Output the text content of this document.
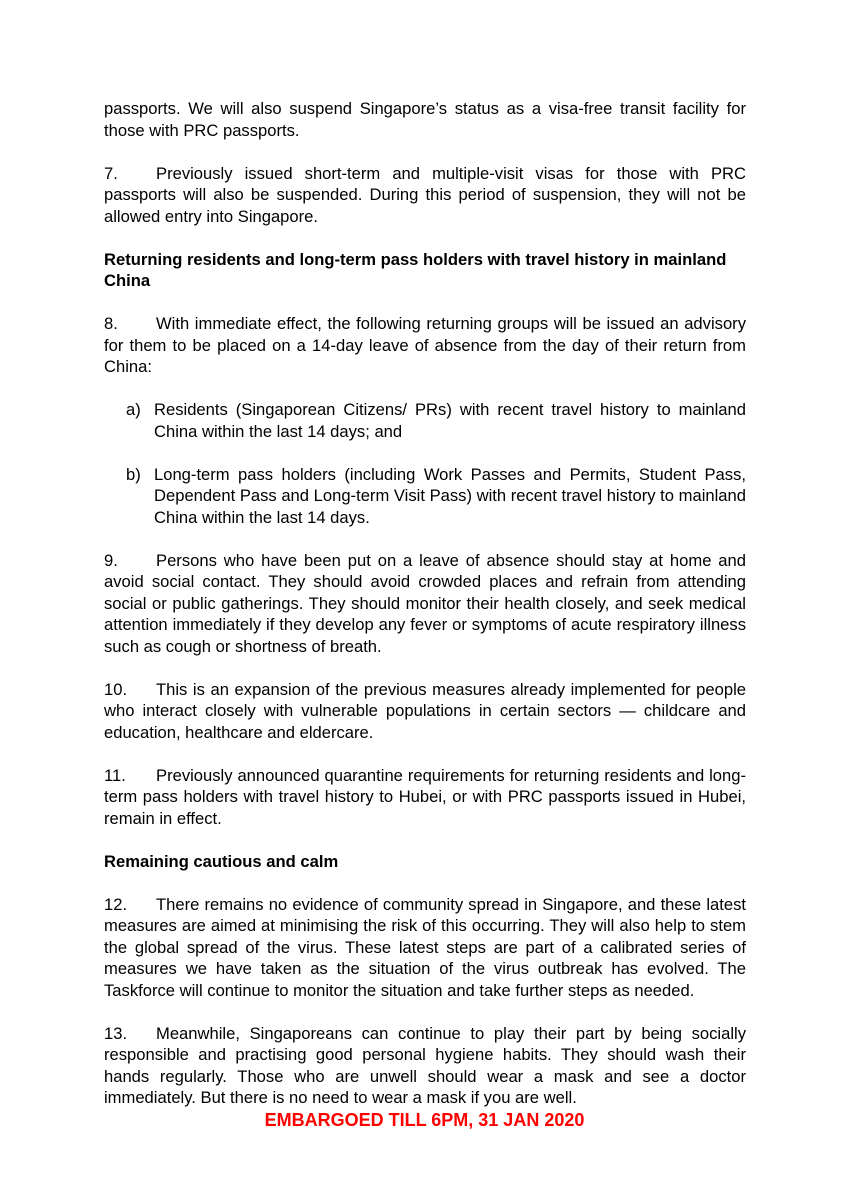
passports. We will also suspend Singapore’s status as a visa-free transit facility for those with PRC passports.

7. Previously issued short-term and multiple-visit visas for those with PRC passports will also be suspended. During this period of suspension, they will not be allowed entry into Singapore.

Returning residents and long-term pass holders with travel history in mainland China

8. With immediate effect, the following returning groups will be issued an advisory for them to be placed on a 14-day leave of absence from the day of their return from China:

a) Residents (Singaporean Citizens/ PRs) with recent travel history to mainland China within the last 14 days; and
b) Long-term pass holders (including Work Passes and Permits, Student Pass, Dependent Pass and Long-term Visit Pass) with recent travel history to mainland China within the last 14 days.

9. Persons who have been put on a leave of absence should stay at home and avoid social contact. They should avoid crowded places and refrain from attending social or public gatherings. They should monitor their health closely, and seek medical attention immediately if they develop any fever or symptoms of acute respiratory illness such as cough or shortness of breath.

10. This is an expansion of the previous measures already implemented for people who interact closely with vulnerable populations in certain sectors — childcare and education, healthcare and eldercare.

11. Previously announced quarantine requirements for returning residents and long-term pass holders with travel history to Hubei, or with PRC passports issued in Hubei, remain in effect.

Remaining cautious and calm

12. There remains no evidence of community spread in Singapore, and these latest measures are aimed at minimising the risk of this occurring. They will also help to stem the global spread of the virus. These latest steps are part of a calibrated series of measures we have taken as the situation of the virus outbreak has evolved. The Taskforce will continue to monitor the situation and take further steps as needed.

13. Meanwhile, Singaporeans can continue to play their part by being socially responsible and practising good personal hygiene habits. They should wash their hands regularly. Those who are unwell should wear a mask and see a doctor immediately. But there is no need to wear a mask if you are well.

EMBARGOED TILL 6PM, 31 JAN 2020
